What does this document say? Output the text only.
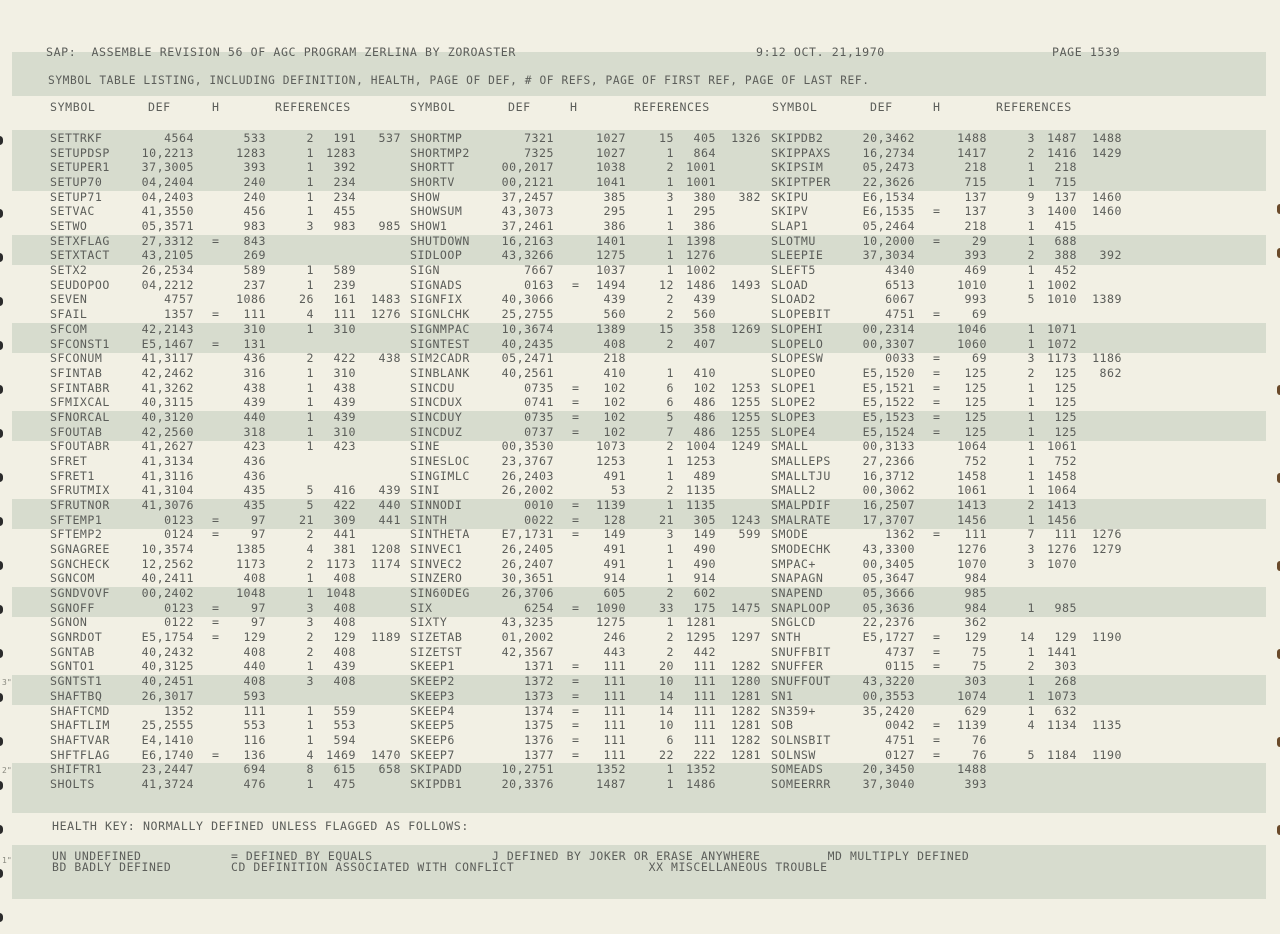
3"
2"
1"
SAP:  ASSEMBLE REVISION 56 OF AGC PROGRAM ZERLINA BY ZOROASTER	9:12 OCT. 21,1970	PAGE 1539
SYMBOL TABLE LISTING, INCLUDING DEFINITION, HEALTH, PAGE OF DEF, # OF REFS, PAGE OF FIRST REF, PAGE OF LAST REF.
SYMBOL	DEF	H	REFERENCES	SYMBOL	DEF	H	REFERENCES	SYMBOL	DEF	H	REFERENCES
SETTRKF	4564	533	2	191	537
SETUPDSP	10,2213	1283	1	1283
SETUPER1	37,3005	393	1	392
SETUP70	04,2404	240	1	234
SETUP71	04,2403	240	1	234
SETVAC	41,3550	456	1	455
SETWO	05,3571	983	3	983	985
SETXFLAG	27,3312 =	843
SETXTACT	43,2105	269
SETX2	26,2534	589	1	589
SEUDOPOO	04,2212	237	1	239
SEVEN	4757	1086	26	161	1483
SFAIL	1357 =	111	4	111	1276
SFCOM	42,2143	310	1	310
SFCONST1	E5,1467 =	131
SFCONUM	41,3117	436	2	422	438
SFINTAB	42,2462	316	1	310
SFINTABR	41,3262	438	1	438
SFMIXCAL	40,3115	439	1	439
SFNORCAL	40,3120	440	1	439
SFOUTAB	42,2560	318	1	310
SFOUTABR	41,2627	423	1	423
SFRET	41,3134	436
SFRET1	41,3116	436
SFRUTMIX	41,3104	435	5	416	439
SFRUTNOR	41,3076	435	5	422	440
SFTEMP1	0123 =	97	21	309	441
SFTEMP2	0124 =	97	2	441
SGNAGREE	10,3574	1385	4	381	1208
SGNCHECK	12,2562	1173	2	1173	1174
SGNCOM	40,2411	408	1	408
SGNDVOVF	00,2402	1048	1	1048
SGNOFF	0123 =	97	3	408
SGNON	0122 =	97	3	408
SGNRDOT	E5,1754 =	129	2	129	1189
SGNTAB	40,2432	408	2	408
SGNTO1	40,3125	440	1	439
SGNTST1	40,2451	408	3	408
SHAFTBQ	26,3017	593
SHAFTCMD	1352	111	1	559
SHAFTLIM	25,2555	553	1	553
SHAFTVAR	E4,1410	116	1	594
SHFTFLAG	E6,1740 =	136	4	1469	1470
SHIFTR1	23,2447	694	8	615	658
SHOLTS	41,3724	476	1	475
SHORTMP	7321	1027	15	405	1326
SHORTMP2	7325	1027	1	864
SHORTT	00,2017	1038	2	1001
SHORTV	00,2121	1041	1	1001
SHOW	37,2457	385	3	380	382
SHOWSUM	43,3073	295	1	295
SHOW1	37,2461	386	1	386
SHUTDOWN	16,2163	1401	1	1398
SIDLOOP	43,3266	1275	1	1276
SIGN	7667	1037	1	1002
SIGNADS	0163 =	1494	12	1486	1493
SIGNFIX	40,3066	439	2	439
SIGNLCHK	25,2755	560	2	560
SIGNMPAC	10,3674	1389	15	358	1269
SIGNTEST	40,2435	408	2	407
SIM2CADR	05,2471	218
SINBLANK	40,2561	410	1	410
SINCDU	0735 =	102	6	102	1253
SINCDUX	0741 =	102	6	486	1255
SINCDUY	0735 =	102	5	486	1255
SINCDUZ	0737 =	102	7	486	1255
SINE	00,3530	1073	2	1004	1249
SINESLOC	23,3767	1253	1	1253
SINGIMLC	26,2403	491	1	489
SINI	26,2002	53	2	1135
SINNODI	0010 =	1139	1	1135
SINTH	0022 =	128	21	305	1243
SINTHETA	E7,1731 =	149	3	149	599
SINVEC1	26,2405	491	1	490
SINVEC2	26,2407	491	1	490
SINZERO	30,3651	914	1	914
SIN60DEG	26,3706	605	2	602
SIX	6254 =	1090	33	175	1475
SIXTY	43,3235	1275	1	1281
SIZETAB	01,2002	246	2	1295	1297
SIZETST	42,3567	443	2	442
SKEEP1	1371 =	111	20	111	1282
SKEEP2	1372 =	111	10	111	1280
SKEEP3	1373 =	111	14	111	1281
SKEEP4	1374 =	111	14	111	1282
SKEEP5	1375 =	111	10	111	1281
SKEEP6	1376 =	111	6	111	1282
SKEEP7	1377 =	111	22	222	1281
SKIPADD	10,2751	1352	1	1352
SKIPDB1	20,3376	1487	1	1486
SKIPDB2	20,3462	1488	3	1487	1488
SKIPPAXS	16,2734	1417	2	1416	1429
SKIPSIM	05,2473	218	1	218
SKIPTPER	22,3626	715	1	715
SKIPU	E6,1534	137	9	137	1460
SKIPV	E6,1535 =	137	3	1400	1460
SLAP1	05,2464	218	1	415
SLOTMU	10,2000 =	29	1	688
SLEEPIE	37,3034	393	2	388	392
SLEFT5	4340	469	1	452
SLOAD	6513	1010	1	1002
SLOAD2	6067	993	5	1010	1389
SLOPEBIT	4751 =	69
SLOPEHI	00,2314	1046	1	1071
SLOPELO	00,3307	1060	1	1072
SLOPESW	0033 =	69	3	1173	1186
SLOPEO	E5,1520 =	125	2	125	862
SLOPE1	E5,1521 =	125	1	125
SLOPE2	E5,1522 =	125	1	125
SLOPE3	E5,1523 =	125	1	125
SLOPE4	E5,1524 =	125	1	125
SMALL	00,3133	1064	1	1061
SMALLEPS	27,2366	752	1	752
SMALLTJU	16,3712	1458	1	1458
SMALL2	00,3062	1061	1	1064
SMALPDIF	16,2507	1413	2	1413
SMALRATE	17,3707	1456	1	1456
SMODE	1362 =	111	7	111	1276
SMODECHK	43,3300	1276	3	1276	1279
SMPAC+	00,3405	1070	3	1070
SNAPAGN	05,3647	984
SNAPEND	05,3666	985
SNAPLOOP	05,3636	984	1	985
SNGLCD	22,2376	362
SNTH	E5,1727 =	129	14	129	1190
SNUFFBIT	4737 =	75	1	1441
SNUFFER	0115 =	75	2	303
SNUFFOUT	43,3220	303	1	268
SN1	00,3553	1074	1	1073
SN359+	35,2420	629	1	632
SOB	0042 =	1139	4	1134	1135
SOLNSBIT	4751 =	76
SOLNSW	0127 =	76	5	1184	1190
SOMEADS	20,3450	1488
SOMEERRR	37,3040	393
HEALTH KEY: NORMALLY DEFINED UNLESS FLAGGED AS FOLLOWS:
UN UNDEFINED            = DEFINED BY EQUALS                J DEFINED BY JOKER OR ERASE ANYWHERE         MD MULTIPLY DEFINED
BD BADLY DEFINED        CD DEFINITION ASSOCIATED WITH CONFLICT                  XX MISCELLANEOUS TROUBLE
